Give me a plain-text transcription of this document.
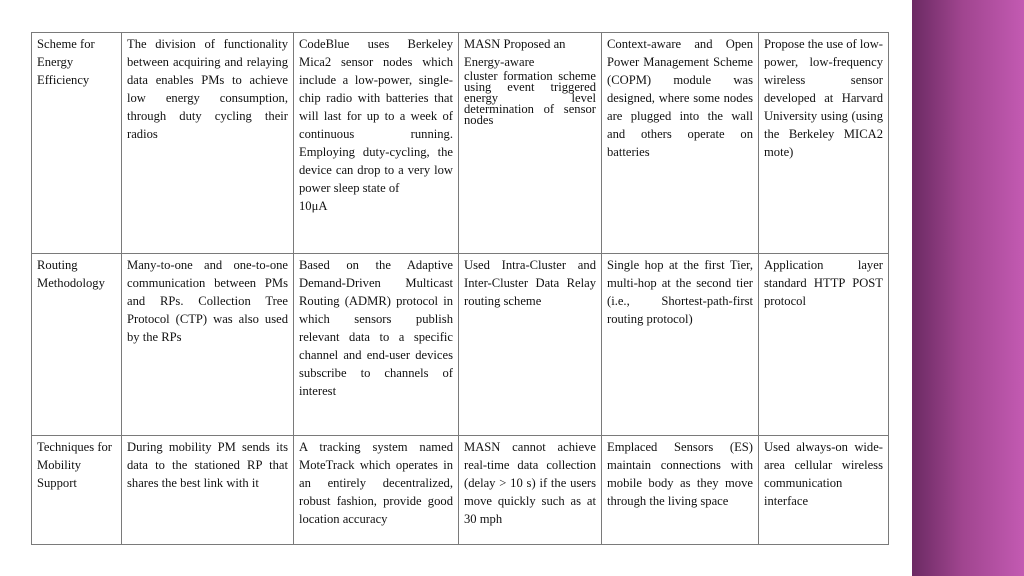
Scheme for Energy Efficiency	The division of functionality between acquiring and relaying data enables PMs to achieve low energy consumption, through duty cycling their radios	CodeBlue uses Berkeley Mica2 sensor nodes which include a low-power, single-chip radio with batteries that will last for up to a week of continuous running. Employing duty-cycling, the device can drop to a very low power sleep state of
10μA	MASN Proposed an Energy-aware

cluster formation scheme using event triggered energy level determination of sensor nodes	Context-aware and Open Power Management Scheme (COPM) module was designed, where some nodes are plugged into the wall and others operate on batteries	Propose the use of low-power, low-frequency wireless sensor developed at Harvard University using (using the Berkeley MICA2 mote)
Routing Methodology	Many-to-one and one-to-one communication between PMs and RPs. Collection Tree Protocol (CTP) was also used by the RPs	Based on the Adaptive Demand-Driven Multicast Routing (ADMR) protocol in which sensors publish relevant data to a specific channel and end-user devices subscribe to channels of interest	Used Intra-Cluster and Inter-Cluster Data Relay routing scheme	Single hop at the first Tier, multi-hop at the second tier (i.e., Shortest-path-first routing protocol)	Application layer standard HTTP POST protocol
Techniques for Mobility Support	During mobility PM sends its data to the stationed RP that shares the best link with it	A tracking system named MoteTrack which operates in an entirely decentralized, robust fashion, provide good location accuracy	MASN cannot achieve real-time data collection (delay > 10 s) if the users move quickly such as at 30 mph	Emplaced Sensors (ES) maintain connections with mobile body as they move through the living space	Used always-on wide-area cellular wireless communication interface
